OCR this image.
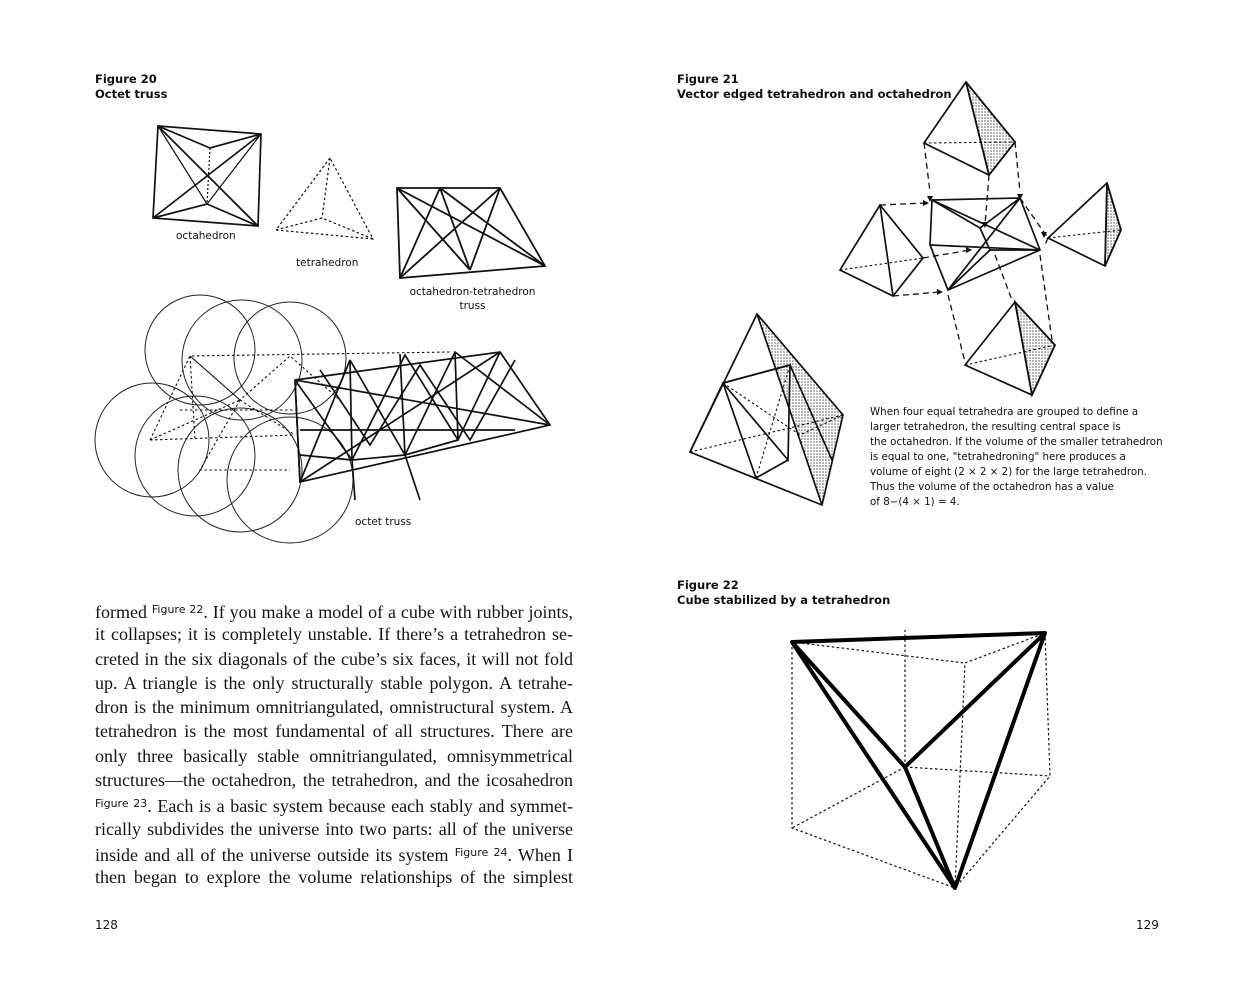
Figure 20
Octet truss
octahedron
tetrahedron
octahedron-tetrahedron
truss
octet truss
formed $^{Figure 22}$. If you make a model of a cube with rubber joints,
it collapses; it is completely unstable. If there’s a tetrahedron se-
creted in the six diagonals of the cube’s six faces, it will not fold
up. A triangle is the only structurally stable polygon. A tetrahe-
dron is the minimum omnitriangulated, omnistructural system. A
tetrahedron is the most fundamental of all structures. There are
only three basically stable omnitriangulated, omnisymmetrical
structures—the octahedron, the tetrahedron, and the icosahedron
$^{Figure 23}$. Each is a basic system because each stably and symmet-
rically subdivides the universe into two parts: all of the universe
inside and all of the universe outside its system $^{Figure 24}$. When I
then began to explore the volume relationships of the simplest
128
Figure 21
Vector edged tetrahedron and octahedron
When four equal tetrahedra are grouped to define a
larger tetrahedron, the resulting central space is
the octahedron. If the volume of the smaller tetrahedron
is equal to one, "tetrahedroning" here produces a
volume of eight (2 × 2 × 2) for the large tetrahedron.
Thus the volume of the octahedron has a value
of 8−(4 × 1) = 4.
Figure 22
Cube stabilized by a tetrahedron
129
